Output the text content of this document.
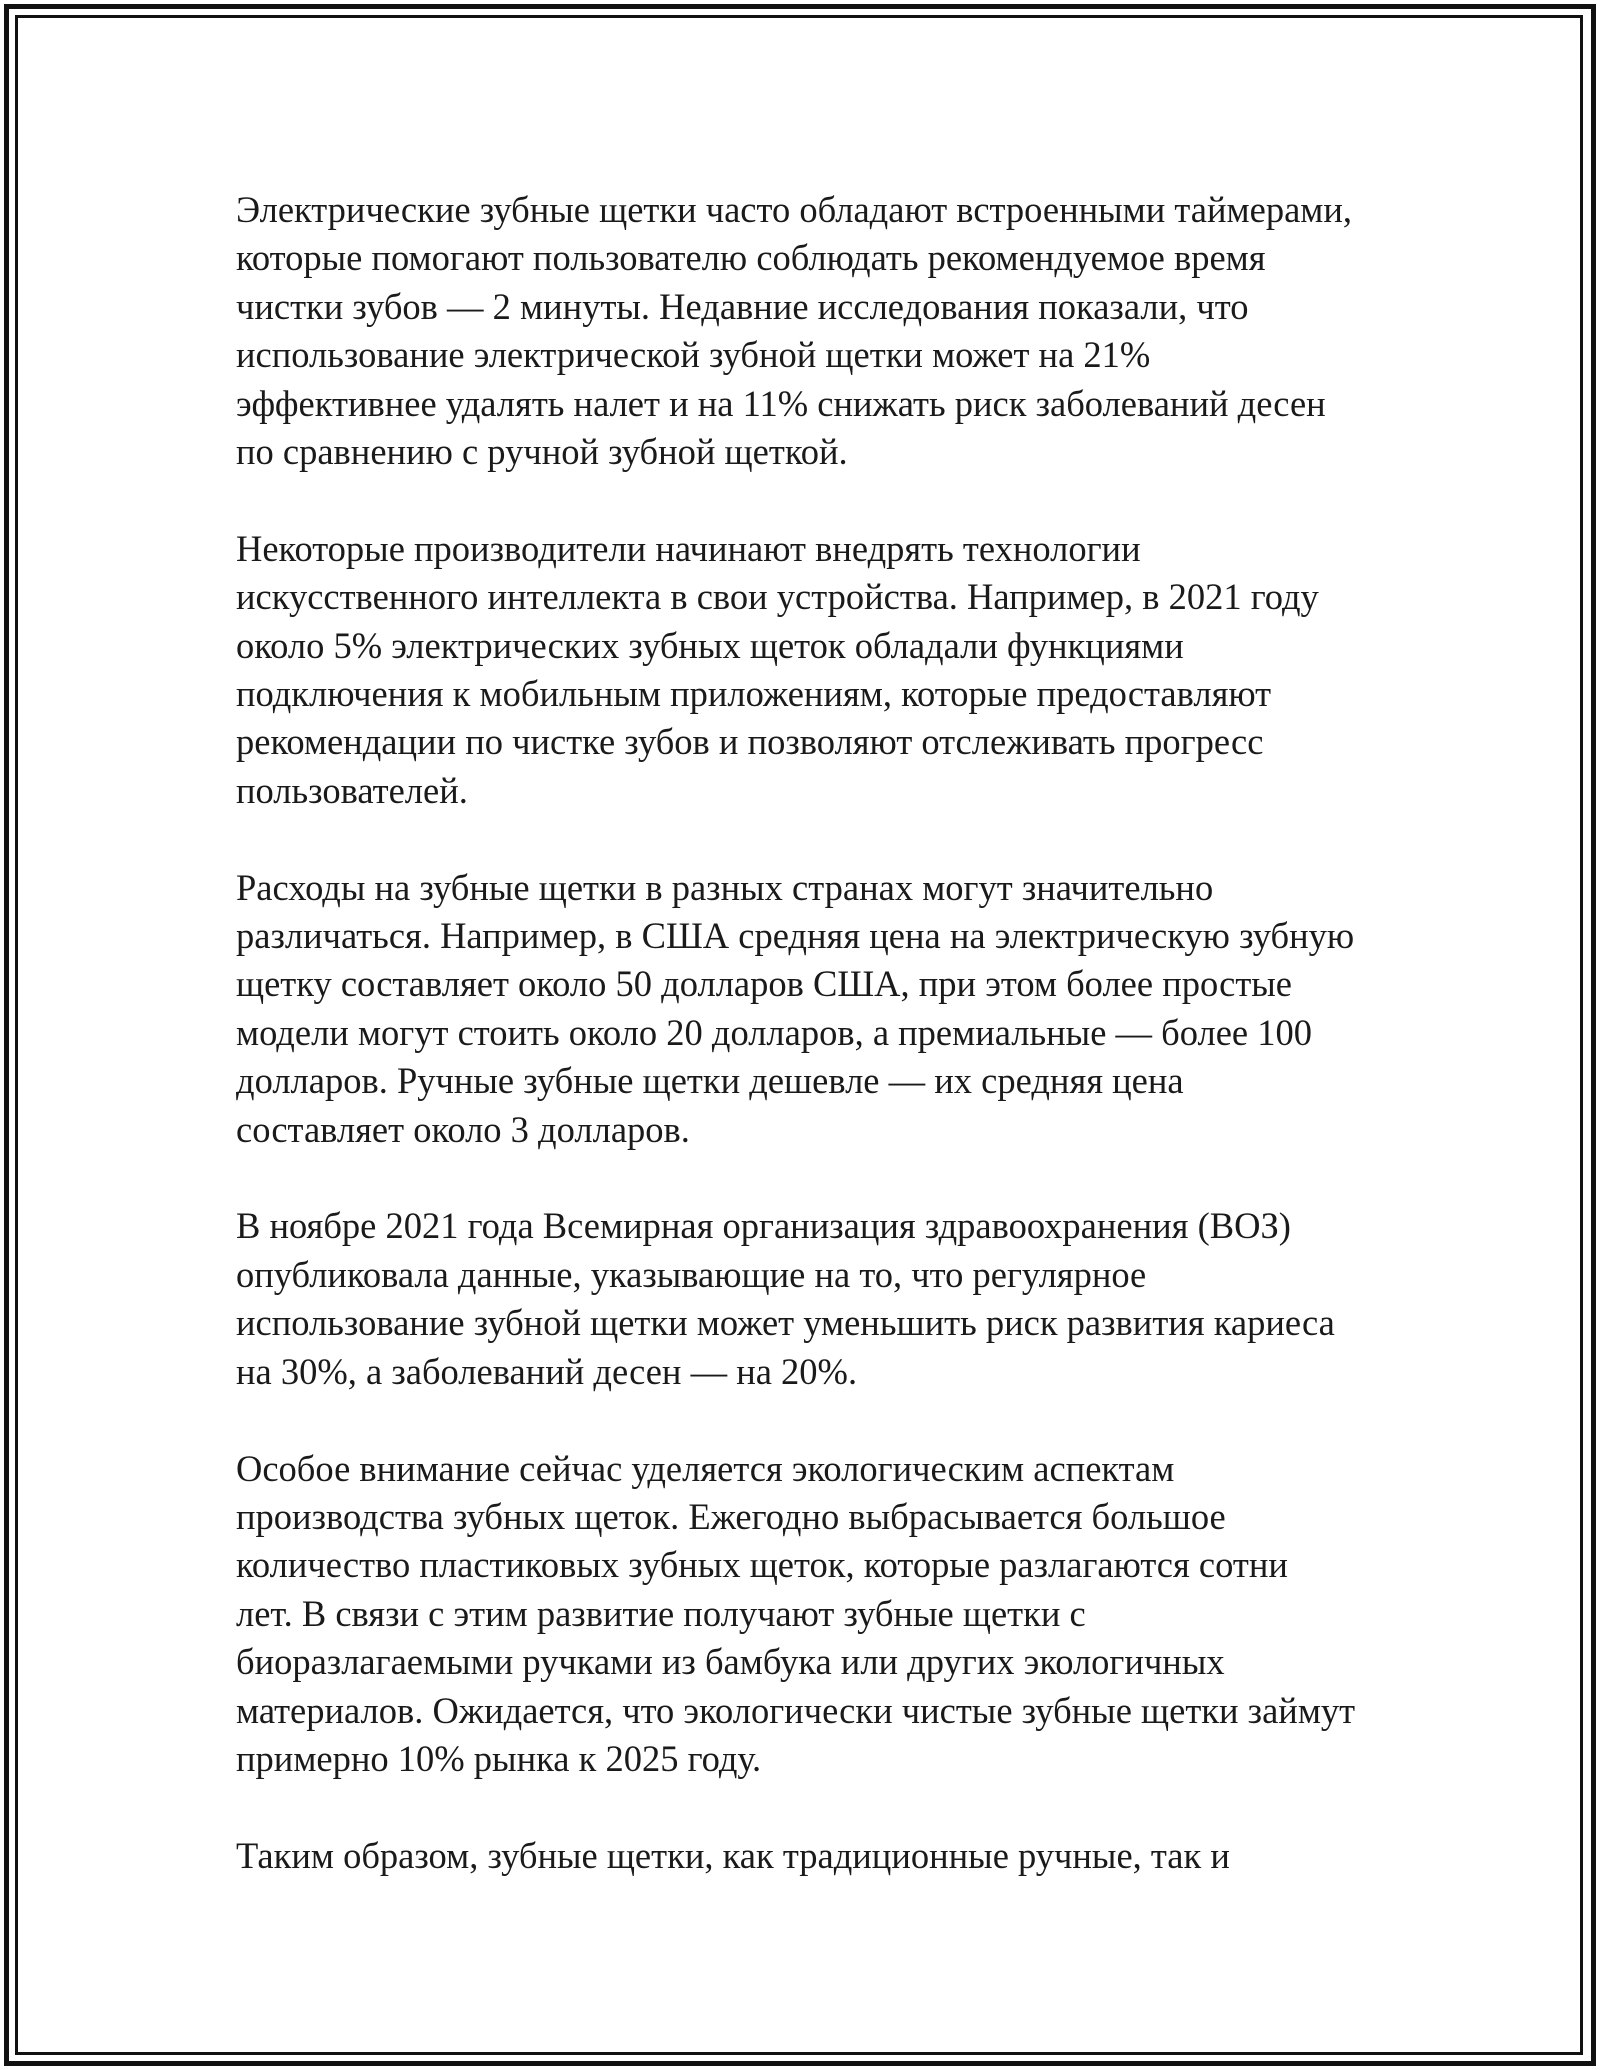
Электрические зубные щетки часто обладают встроенными таймерами,
которые помогают пользователю соблюдать рекомендуемое время
чистки зубов — 2 минуты. Недавние исследования показали, что
использование электрической зубной щетки может на 21%
эффективнее удалять налет и на 11% снижать риск заболеваний десен
по сравнению с ручной зубной щеткой.

Некоторые производители начинают внедрять технологии
искусственного интеллекта в свои устройства. Например, в 2021 году
около 5% электрических зубных щеток обладали функциями
подключения к мобильным приложениям, которые предоставляют
рекомендации по чистке зубов и позволяют отслеживать прогресс
пользователей.

Расходы на зубные щетки в разных странах могут значительно
различаться. Например, в США средняя цена на электрическую зубную
щетку составляет около 50 долларов США, при этом более простые
модели могут стоить около 20 долларов, а премиальные — более 100
долларов. Ручные зубные щетки дешевле — их средняя цена
составляет около 3 долларов.

В ноябре 2021 года Всемирная организация здравоохранения (ВОЗ)
опубликовала данные, указывающие на то, что регулярное
использование зубной щетки может уменьшить риск развития кариеса
на 30%, а заболеваний десен — на 20%.

Особое внимание сейчас уделяется экологическим аспектам
производства зубных щеток. Ежегодно выбрасывается большое
количество пластиковых зубных щеток, которые разлагаются сотни
лет. В связи с этим развитие получают зубные щетки с
биоразлагаемыми ручками из бамбука или других экологичных
материалов. Ожидается, что экологически чистые зубные щетки займут
примерно 10% рынка к 2025 году.

Таким образом, зубные щетки, как традиционные ручные, так и
